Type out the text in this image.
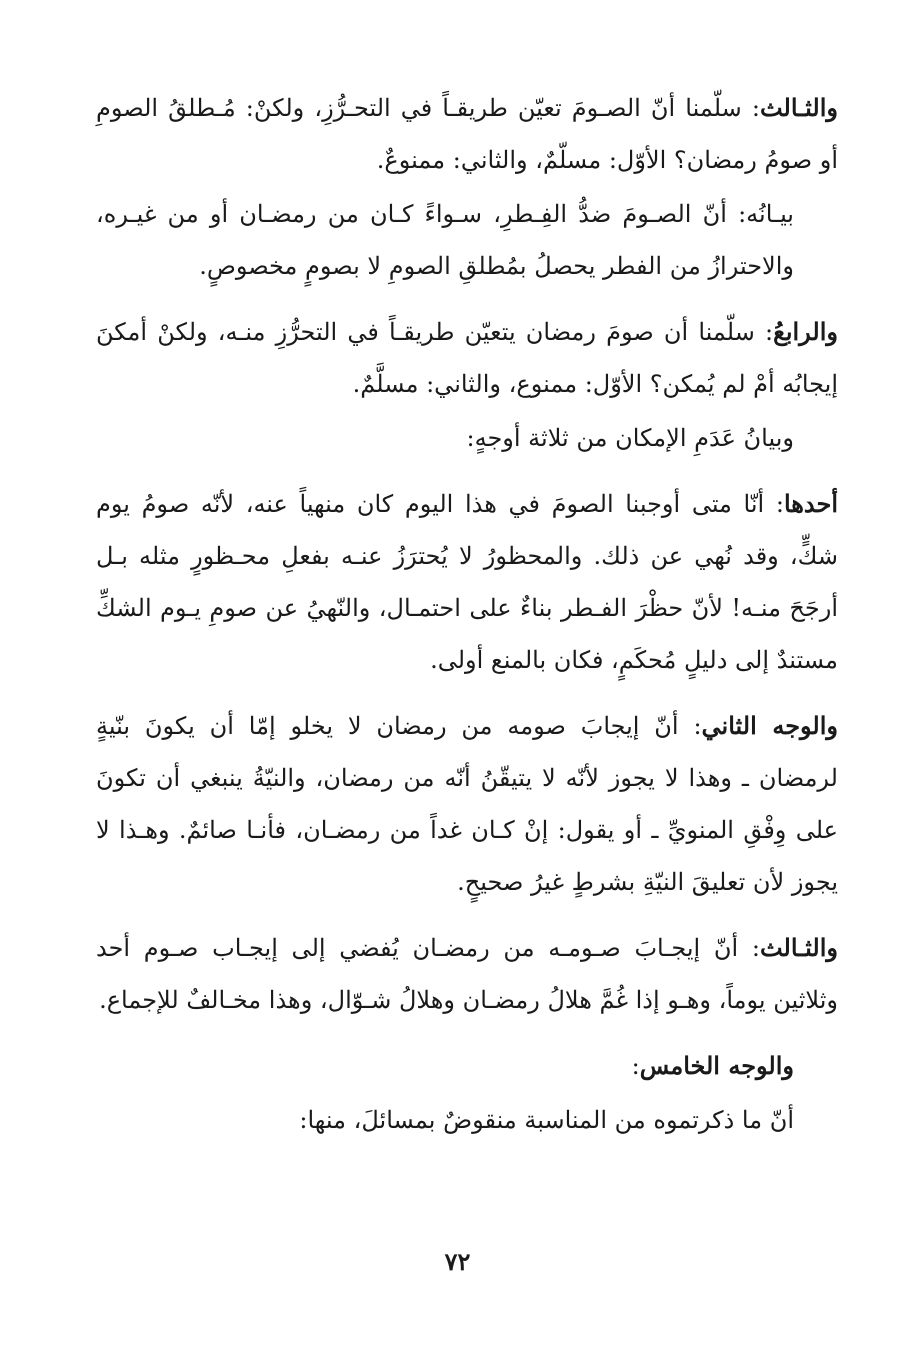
والثـالث: سلّمنا أنّ الصـومَ تعيّن طريقـاً في التحـرُّزِ، ولكنْ: مُـطلقُ الصومِ أو صومُ رمضان؟ الأوّل: مسلّمٌ، والثاني: ممنوعٌ.

بيـانُه: أنّ الصـومَ ضدُّ الفِـطرِ، سـواءً كـان من رمضـان أو من غيـره، والاحترازُ من الفطر يحصلُ بمُطلقِ الصومِ لا بصومٍ مخصوصٍ.

والرابعُ: سلّمنا أن صومَ رمضان يتعيّن طريقـاً في التحرُّزِ منـه، ولكنْ أمكنَ إيجابُه أمْ لم يُمكن؟ الأوّل: ممنوع، والثاني: مسلَّمٌ.

وبيانُ عَدَمِ الإمكان من ثلاثة أوجهٍ:

أحدها: أنّا متى أوجبنا الصومَ في هذا اليوم كان منهياً عنه، لأنّه صومُ يوم شكٍّ، وقد نُهي عن ذلك. والمحظورُ لا يُحترَزُ عنـه بفعلِ محـظورٍ مثله بـل أرجَحَ منـه! لأنّ حظْرَ الفـطر بناءٌ على احتمـال، والنّهيُ عن صومِ يـوم الشكِّ مستندٌ إلى دليلٍ مُحكَمٍ، فكان بالمنع أولى.

والوجه الثاني: أنّ إيجابَ صومه من رمضان لا يخلو إمّا أن يكونَ بنّيةٍ لرمضان ـ وهذا لا يجوز لأنّه لا يتيقّنُ أنّه من رمضان، والنيّةُ ينبغي أن تكونَ على وِفْقِ المنويِّ ـ أو يقول: إنْ كـان غداً من رمضـان، فأنـا صائمٌ. وهـذا لا يجوز لأن تعليقَ النيّةِ بشرطٍ غيرُ صحيحٍ.

والثـالث: أنّ إيجـابَ صـومـه من رمضـان يُفضي إلى إيجـاب صـوم أحد وثلاثين يوماً، وهـو إذا غُمَّ هلالُ رمضـان وهلالُ شـوّال، وهذا مخـالفٌ للإجماع.

والوجه الخامس:

أنّ ما ذكرتموه من المناسبة منقوضٌ بمسائلَ، منها:

٧٢
